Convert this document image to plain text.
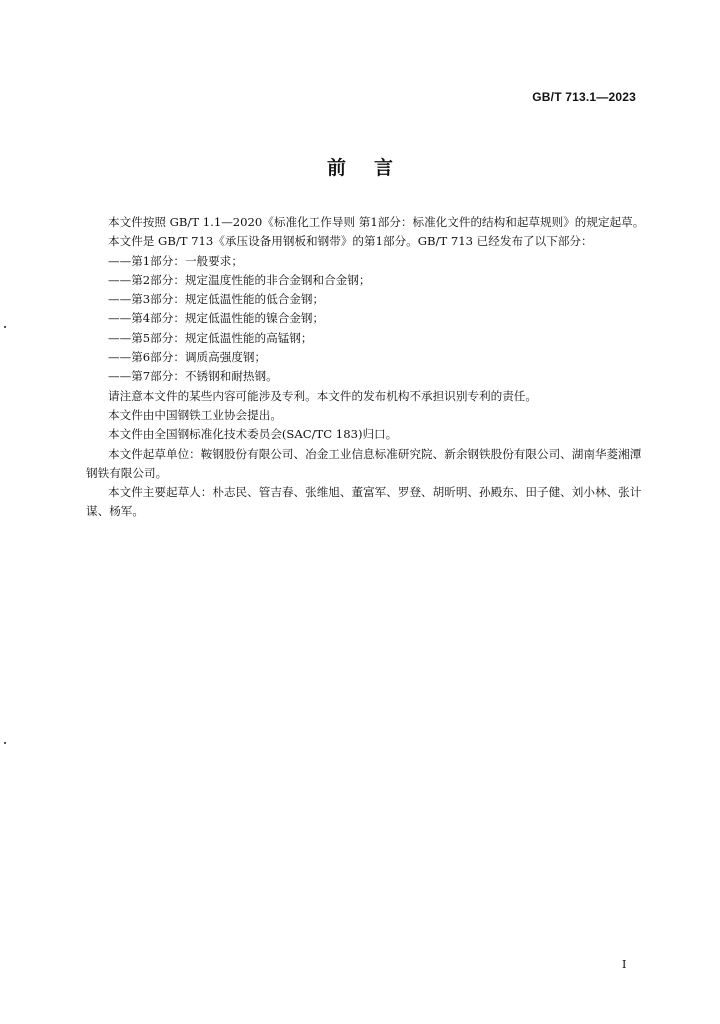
GB/T 713.1—2023
前言

本文件按照 GB/T 1.1—2020《标准化工作导则 第1部分：标准化文件的结构和起草规则》的规定起草。

本文件是 GB/T 713《承压设备用钢板和钢带》的第1部分。GB/T 713 已经发布了以下部分：

——第1部分：一般要求；

——第2部分：规定温度性能的非合金钢和合金钢；

——第3部分：规定低温性能的低合金钢；

——第4部分：规定低温性能的镍合金钢；

——第5部分：规定低温性能的高锰钢；

——第6部分：调质高强度钢；

——第7部分：不锈钢和耐热钢。

请注意本文件的某些内容可能涉及专利。本文件的发布机构不承担识别专利的责任。

本文件由中国钢铁工业协会提出。

本文件由全国钢标准化技术委员会(SAC/TC 183)归口。

本文件起草单位：鞍钢股份有限公司、冶金工业信息标准研究院、新余钢铁股份有限公司、湖南华菱湘潭钢铁有限公司。

本文件主要起草人：朴志民、管吉春、张维旭、董富军、罗登、胡昕明、孙殿东、田子健、刘小林、张计谋、杨军。

I
